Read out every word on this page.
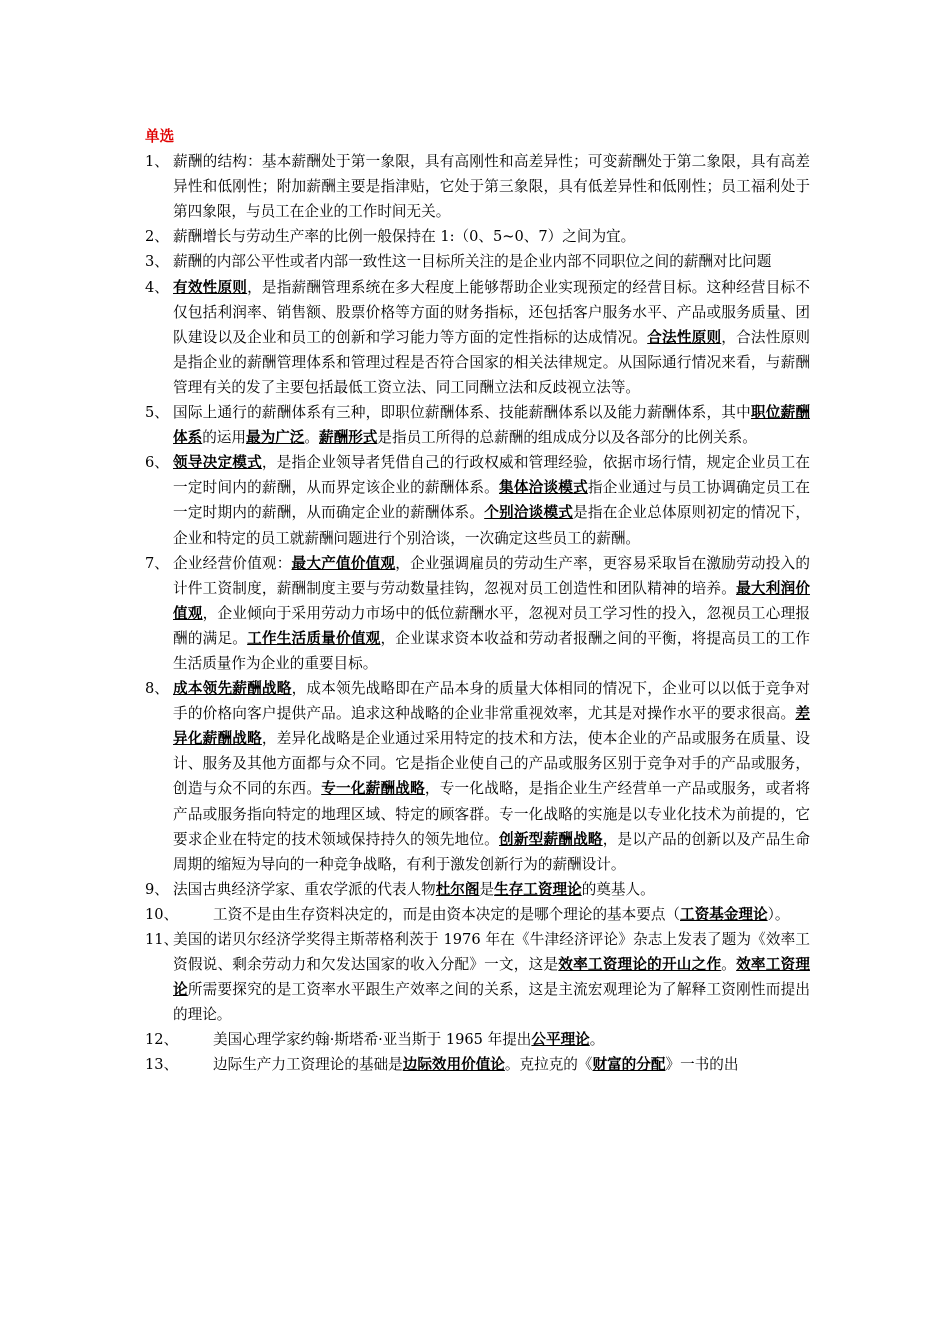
单选
1、 薪酬的结构：基本薪酬处于第一象限，具有高刚性和高差异性；可变薪酬处于第二象限，具有高差异性和低刚性；附加薪酬主要是指津贴，它处于第三象限，具有低差异性和低刚性；员工福利处于第四象限，与员工在企业的工作时间无关。
2、 薪酬增长与劳动生产率的比例一般保持在 1:（0、5~0、7）之间为宜。
3、 薪酬的内部公平性或者内部一致性这一目标所关注的是企业内部不同职位之间的薪酬对比问题
4、 有效性原则，是指薪酬管理系统在多大程度上能够帮助企业实现预定的经营目标。这种经营目标不仅包括利润率、销售额、股票价格等方面的财务指标，还包括客户服务水平、产品或服务质量、团队建设以及企业和员工的创新和学习能力等方面的定性指标的达成情况。合法性原则，合法性原则是指企业的薪酬管理体系和管理过程是否符合国家的相关法律规定。从国际通行情况来看，与薪酬管理有关的发了主要包括最低工资立法、同工同酬立法和反歧视立法等。
5、 国际上通行的薪酬体系有三种，即职位薪酬体系、技能薪酬体系以及能力薪酬体系，其中职位薪酬体系的运用最为广泛。薪酬形式是指员工所得的总薪酬的组成成分以及各部分的比例关系。
6、 领导决定模式，是指企业领导者凭借自己的行政权威和管理经验，依据市场行情，规定企业员工在一定时间内的薪酬，从而界定该企业的薪酬体系。集体洽谈模式指企业通过与员工协调确定员工在一定时期内的薪酬，从而确定企业的薪酬体系。个别洽谈模式是指在企业总体原则初定的情况下，企业和特定的员工就薪酬问题进行个别洽谈，一次确定这些员工的薪酬。
7、 企业经营价值观：最大产值价值观，企业强调雇员的劳动生产率，更容易采取旨在激励劳动投入的计件工资制度，薪酬制度主要与劳动数量挂钩，忽视对员工创造性和团队精神的培养。最大利润价值观，企业倾向于采用劳动力市场中的低位薪酬水平，忽视对员工学习性的投入，忽视员工心理报酬的满足。工作生活质量价值观，企业谋求资本收益和劳动者报酬之间的平衡，将提高员工的工作生活质量作为企业的重要目标。
8、 成本领先薪酬战略，成本领先战略即在产品本身的质量大体相同的情况下，企业可以以低于竞争对手的价格向客户提供产品。追求这种战略的企业非常重视效率，尤其是对操作水平的要求很高。差异化薪酬战略，差异化战略是企业通过采用特定的技术和方法，使本企业的产品或服务在质量、设计、服务及其他方面都与众不同。它是指企业使自己的产品或服务区别于竞争对手的产品或服务，创造与众不同的东西。专一化薪酬战略，专一化战略，是指企业生产经营单一产品或服务，或者将产品或服务指向特定的地理区域、特定的顾客群。专一化战略的实施是以专业化技术为前提的，它要求企业在特定的技术领域保持持久的领先地位。创新型薪酬战略，是以产品的创新以及产品生命周期的缩短为导向的一种竞争战略，有利于激发创新行为的薪酬设计。
9、 法国古典经济学家、重农学派的代表人物杜尔阁是生存工资理论的奠基人。
10、 工资不是由生存资料决定的，而是由资本决定的是哪个理论的基本要点（工资基金理论）。
11、
美国的诺贝尔经济学奖得主斯蒂格利茨于 1976 年在《牛津经济评论》杂志上发表了题为《效率工资假说、剩余劳动力和欠发达国家的收入分配》一文，这是效率工资理论的开山之作。效率工资理论所需要探究的是工资率水平跟生产效率之间的关系，这是主流宏观理论为了解释工资刚性而提出的理论。
12、 美国心理学家约翰·斯塔希·亚当斯于 1965 年提出公平理论。
13、 边际生产力工资理论的基础是边际效用价值论。克拉克的《财富的分配》一书的出
